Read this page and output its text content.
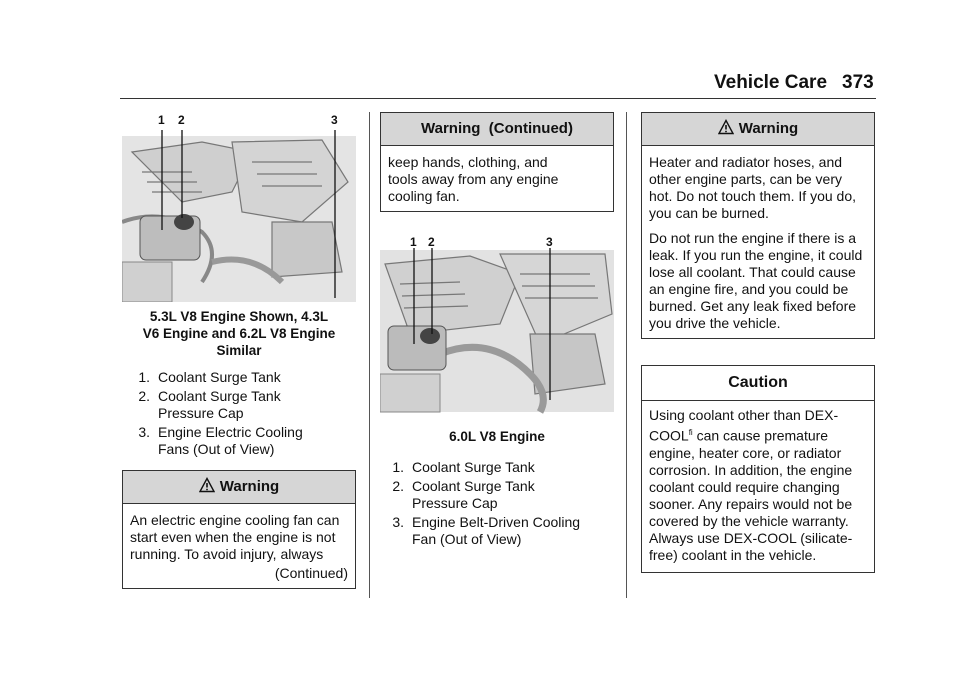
Vehicle Care 373
1 2	3
5.3L V8 Engine Shown, 4.3L
V6 Engine and 6.2L V8 Engine
Similar
1. Coolant Surge Tank
2. Coolant Surge Tank Pressure Cap
3. Engine Electric Cooling Fans (Out of View)
Warning
An electric engine cooling fan can start even when the engine is not running. To avoid injury, always
(Continued)
Warning  (Continued)
keep hands, clothing, and tools away from any engine cooling fan.
1 2	3
6.0L V8 Engine
1. Coolant Surge Tank
2. Coolant Surge Tank Pressure Cap
3. Engine Belt-Driven Cooling Fan (Out of View)
Warning

Heater and radiator hoses, and other engine parts, can be very hot. Do not touch them. If you do, you can be burned.

Do not run the engine if there is a leak. If you run the engine, it could lose all coolant. That could cause an engine fire, and you could be burned. Get any leak fixed before you drive the vehicle.

Caution
Using coolant other than DEX-$COOL^{fi}$ can cause premature engine, heater core, or radiator corrosion. In addition, the engine coolant could require changing sooner. Any repairs would not be covered by the vehicle warranty. Always use DEX-COOL (silicate-free) coolant in the vehicle.
